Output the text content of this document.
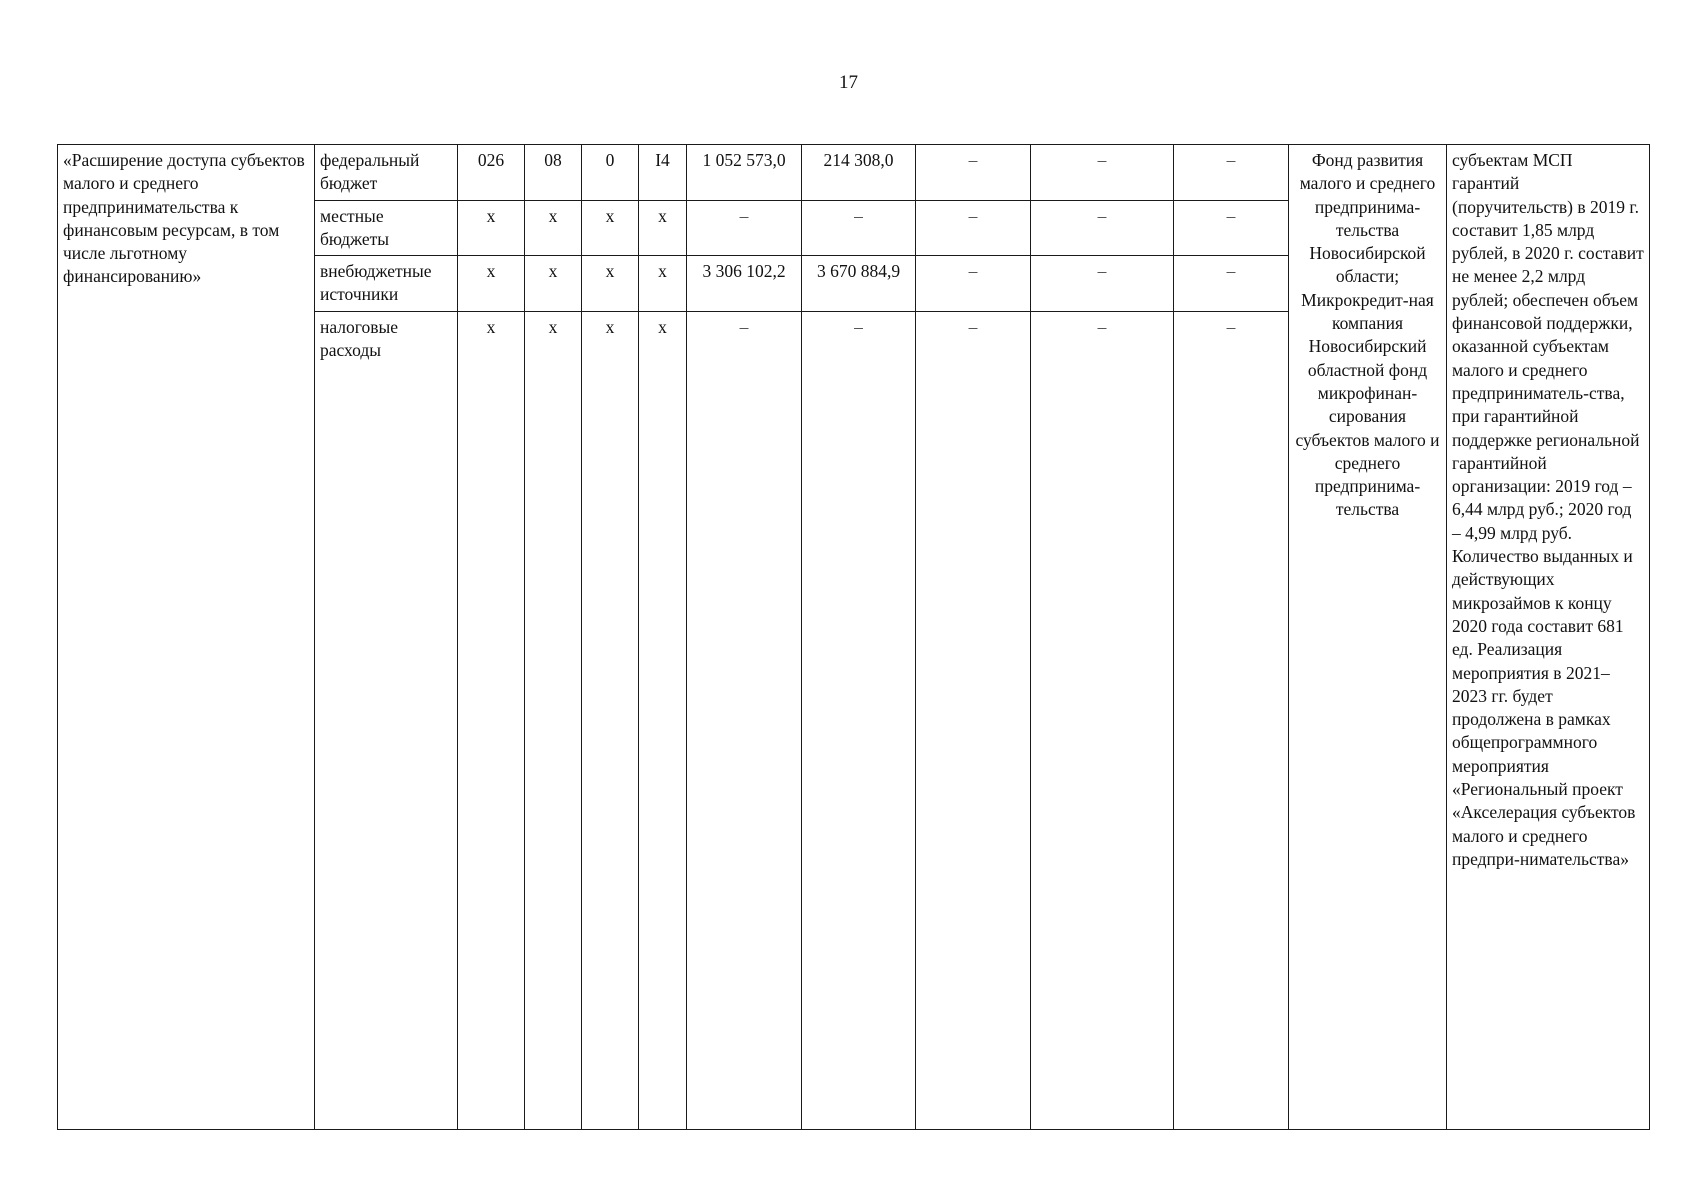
17
«Расширение доступа субъектов малого и среднего предпринимательства к финансовым ресурсам, в том числе льготному финансированию»	федеральный бюджет	026	08	0	I4	1 052 573,0	214 308,0	–	–	–	Фонд развития малого и среднего предпринима-тельства Новосибирской области; Микрокредит-ная компания Новосибирский областной фонд микрофинан-сирования субъектов малого и среднего предпринима-тельства	субъектам МСП гарантий (поручительств) в 2019 г. составит 1,85 млрд рублей, в 2020 г. составит не менее 2,2 млрд рублей; обеспечен объем финансовой поддержки, оказанной субъектам малого и среднего предприниматель-ства, при гарантийной поддержке региональной гарантийной организации: 2019 год – 6,44 млрд руб.; 2020 год – 4,99 млрд руб. Количество выданных и действующих микрозаймов к концу 2020 года составит 681 ед. Реализация мероприятия в 2021–2023 гг. будет продолжена в рамках общепрограммного мероприятия «Региональный проект «Акселерация субъектов малого и среднего предпри-нимательства»
	местные бюджеты	х	х	х	х	–	–	–	–	–		
	внебюджетные источники	х	х	х	х	3 306 102,2	3 670 884,9	–	–	–		
	налоговые расходы	х	х	х	х	–	–	–	–	–		
